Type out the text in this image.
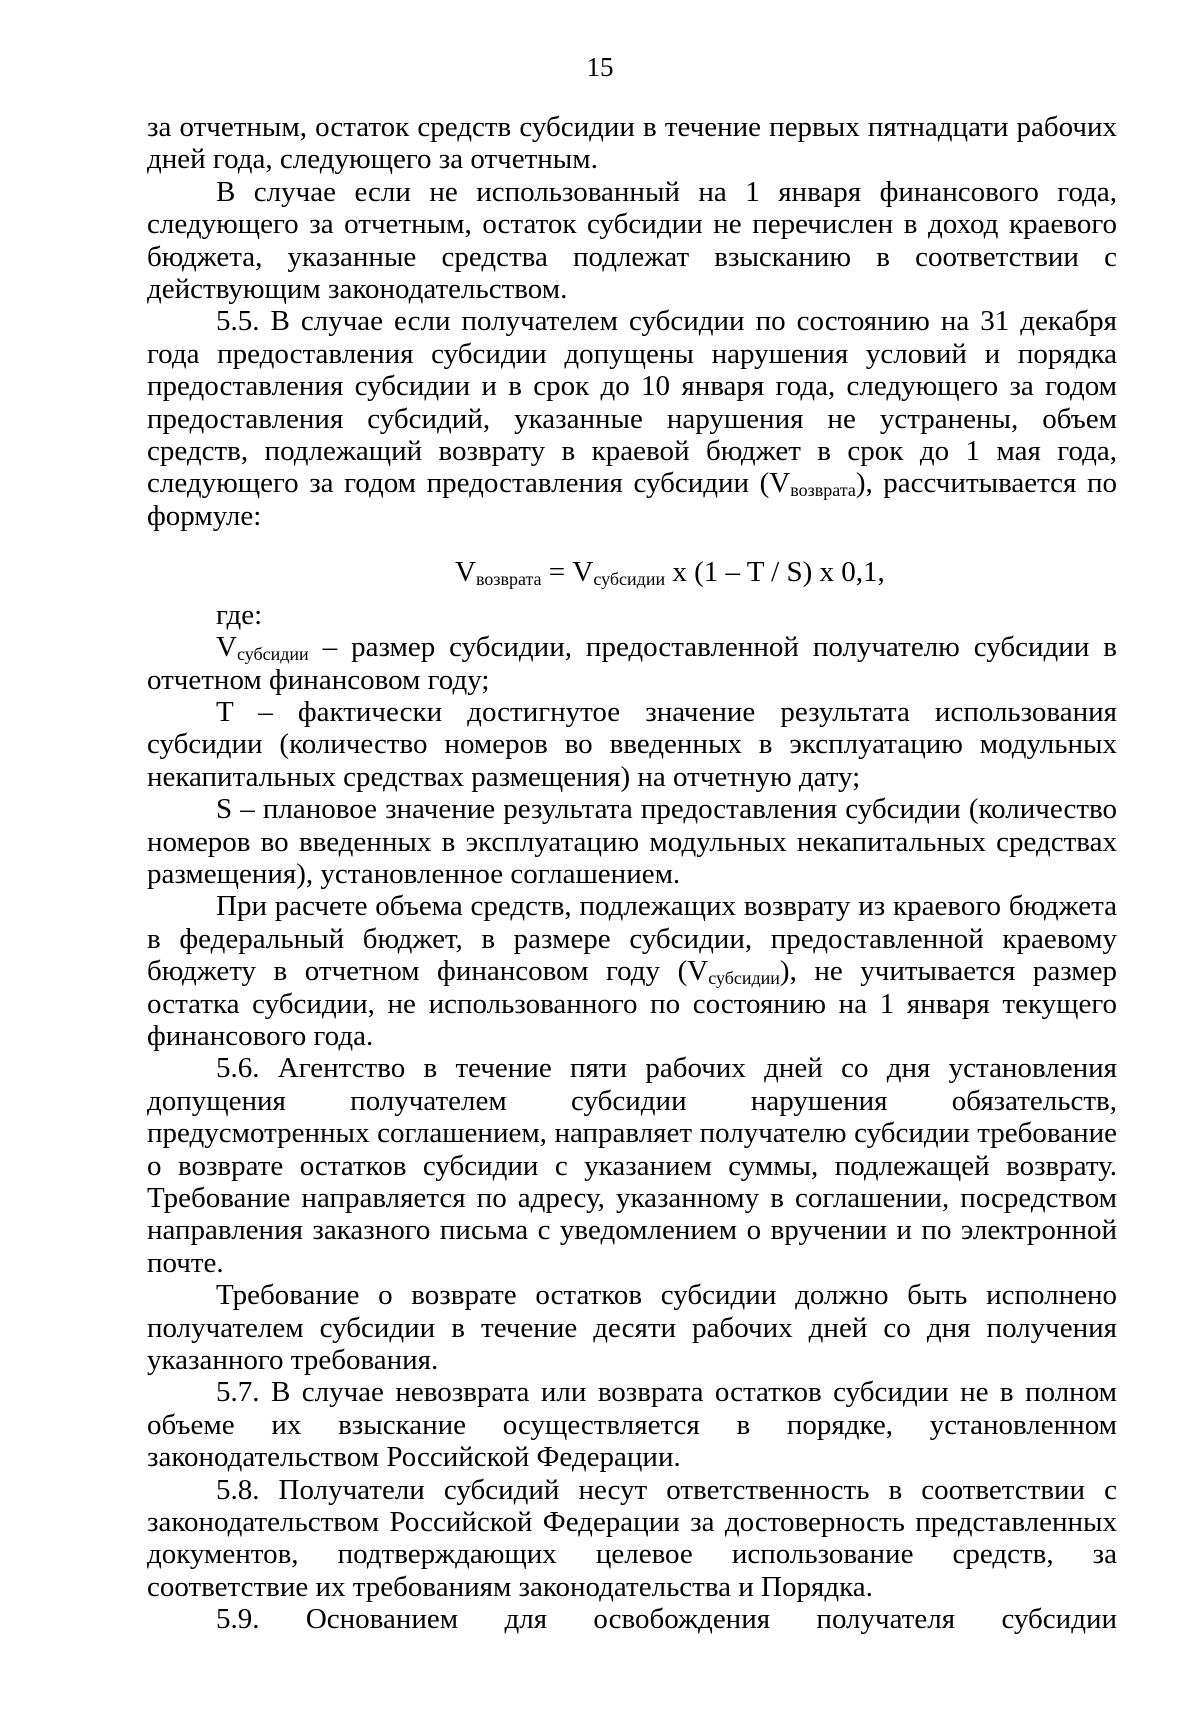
15

за отчетным, остаток средств субсидии в течение первых пятнадцати рабочих дней года, следующего за отчетным.

В случае если не использованный на 1 января финансового года, следующего за отчетным, остаток субсидии не перечислен в доход краевого бюджета, указанные средства подлежат взысканию в соответствии с действующим законодательством.

5.5. В случае если получателем субсидии по состоянию на 31 декабря года предоставления субсидии допущены нарушения условий и порядка предоставления субсидии и в срок до 10 января года, следующего за годом предоставления субсидий, указанные нарушения не устранены, объем средств, подлежащий возврату в краевой бюджет в срок до 1 мая года, следующего за годом предоставления субсидии $(V_{возврата})$, рассчитывается по формуле:

$V_{возврата} = V_{субсидии}$ x (1 – T / S) x 0,1,

где:

$V_{субсидии}$ – размер субсидии, предоставленной получателю субсидии в отчетном финансовом году;

T – фактически достигнутое значение результата использования субсидии (количество номеров во введенных в эксплуатацию модульных некапитальных средствах размещения) на отчетную дату;

S – плановое значение результата предоставления субсидии (количество номеров во введенных в эксплуатацию модульных некапитальных средствах размещения), установленное соглашением.

При расчете объема средств, подлежащих возврату из краевого бюджета в федеральный бюджет, в размере субсидии, предоставленной краевому бюджету в отчетном финансовом году $(V_{субсидии})$, не учитывается размер остатка субсидии, не использованного по состоянию на 1 января текущего финансового года.

5.6. Агентство в течение пяти рабочих дней со дня установления допущения получателем субсидии нарушения обязательств, предусмотренных соглашением, направляет получателю субсидии требование о возврате остатков субсидии с указанием суммы, подлежащей возврату. Требование направляется по адресу, указанному в соглашении, посредством направления заказного письма с уведомлением о вручении и по электронной почте.

Требование о возврате остатков субсидии должно быть исполнено получателем субсидии в течение десяти рабочих дней со дня получения указанного требования.

5.7. В случае невозврата или возврата остатков субсидии не в полном объеме их взыскание осуществляется в порядке, установленном законодательством Российской Федерации.

5.8. Получатели субсидий несут ответственность в соответствии с законодательством Российской Федерации за достоверность представленных документов, подтверждающих целевое использование средств, за соответствие их требованиям законодательства и Порядка.

5.9. Основанием для освобождения получателя субсидии
